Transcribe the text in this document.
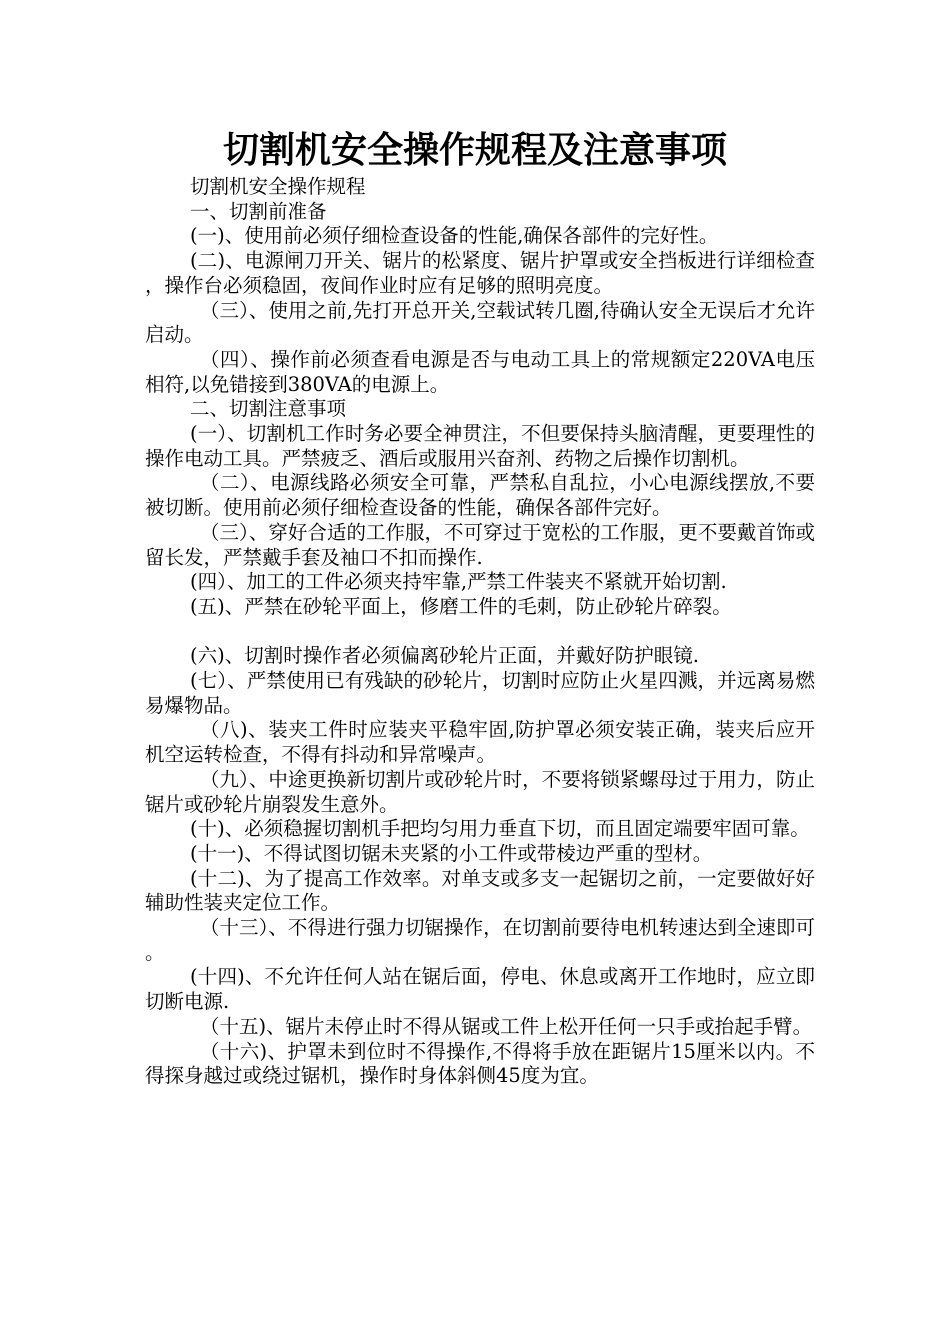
切割机安全操作规程及注意事项

切割机安全操作规程

一、切割前准备

(一)、使用前必须仔细检查设备的性能,确保各部件的完好性。

(二)、电源闸刀开关、锯片的松紧度、锯片护罩或安全挡板进行详细检查，操作台必须稳固，夜间作业时应有足够的照明亮度。

（三）、使用之前,先打开总开关,空载试转几圈,待确认安全无误后才允许启动。

（四）、操作前必须查看电源是否与电动工具上的常规额定220VA电压相符,以免错接到380VA的电源上。

二、切割注意事项

(一）、切割机工作时务必要全神贯注，不但要保持头脑清醒，更要理性的操作电动工具。严禁疲乏、酒后或服用兴奋剂、药物之后操作切割机。

（二）、电源线路必须安全可靠，严禁私自乱拉，小心电源线摆放,不要被切断。使用前必须仔细检查设备的性能，确保各部件完好。

（三）、穿好合适的工作服，不可穿过于宽松的工作服，更不要戴首饰或留长发，严禁戴手套及袖口不扣而操作.

(四）、加工的工件必须夹持牢靠,严禁工件装夹不紧就开始切割.

(五)、严禁在砂轮平面上，修磨工件的毛刺，防止砂轮片碎裂。

(六)、切割时操作者必须偏离砂轮片正面，并戴好防护眼镜.

(七）、严禁使用已有残缺的砂轮片，切割时应防止火星四溅，并远离易燃易爆物品。

（八)、装夹工件时应装夹平稳牢固,防护罩必须安装正确，装夹后应开机空运转检查，不得有抖动和异常噪声。

（九）、中途更换新切割片或砂轮片时，不要将锁紧螺母过于用力，防止锯片或砂轮片崩裂发生意外。

(十)、必须稳握切割机手把均匀用力垂直下切，而且固定端要牢固可靠。

(十一)、不得试图切锯未夹紧的小工件或带棱边严重的型材。

(十二)、为了提高工作效率。对单支或多支一起锯切之前，一定要做好好辅助性装夹定位工作。

（十三）、不得进行强力切锯操作，在切割前要待电机转速达到全速即可。

(十四)、不允许任何人站在锯后面，停电、休息或离开工作地时，应立即切断电源.

（十五)、锯片未停止时不得从锯或工件上松开任何一只手或抬起手臂。

（十六)、护罩未到位时不得操作,不得将手放在距锯片15厘米以内。不得探身越过或绕过锯机，操作时身体斜侧45度为宜。
